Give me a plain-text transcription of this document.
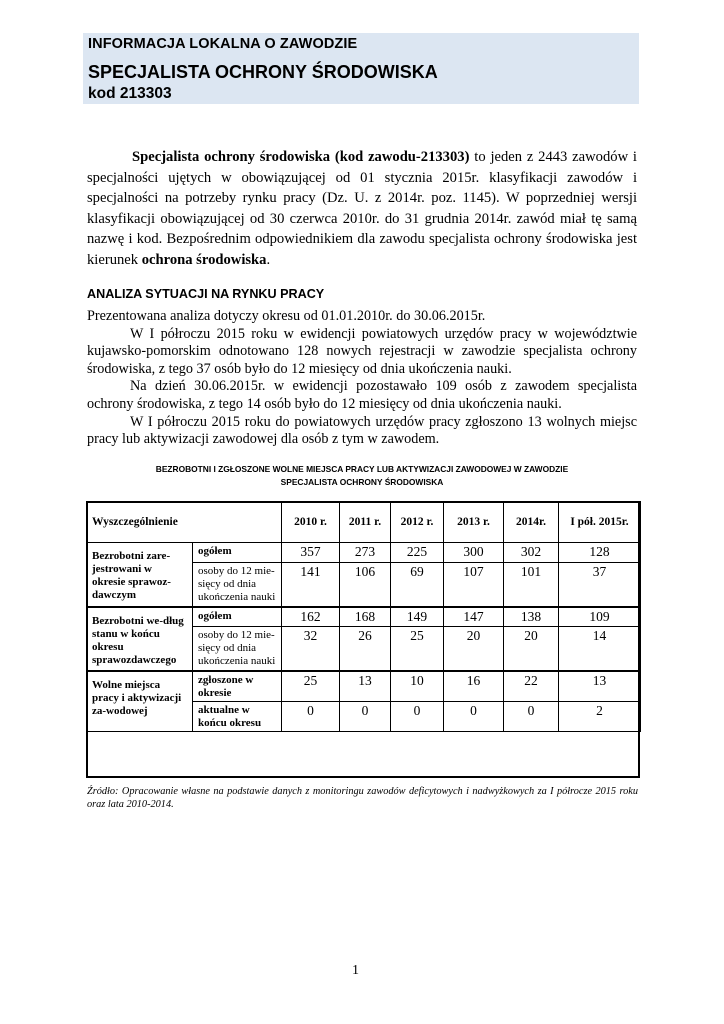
INFORMACJA LOKALNA O ZAWODZIE
SPECJALISTA OCHRONY ŚRODOWISKA
kod 213303

Specjalista ochrony środowiska (kod zawodu-213303) to jeden z 2443 zawodów i specjalności ujętych w obowiązującej od 01 stycznia 2015r. klasyfikacji zawodów i specjalności na potrzeby rynku pracy (Dz. U. z 2014r. poz. 1145). W poprzedniej wersji klasyfikacji obowiązującej od 30 czerwca 2010r. do 31 grudnia 2014r. zawód miał tę samą nazwę i kod. Bezpośrednim odpowiednikiem dla zawodu specjalista ochrony środowiska jest kierunek ochrona środowiska.

ANALIZA SYTUACJI NA RYNKU PRACY

Prezentowana analiza dotyczy okresu od 01.01.2010r. do 30.06.2015r.

W I półroczu 2015 roku w ewidencji powiatowych urzędów pracy w województwie kujawsko-pomorskim odnotowano 128 nowych rejestracji w zawodzie specjalista ochrony środowiska, z tego 37 osób było do 12 miesięcy od dnia ukończenia nauki.

Na dzień 30.06.2015r. w ewidencji pozostawało 109 osób z zawodem specjalista ochrony środowiska, z tego 14 osób było do 12 miesięcy od dnia ukończenia nauki.

W I półroczu 2015 roku do powiatowych urzędów pracy zgłoszono 13 wolnych miejsc pracy lub aktywizacji zawodowej dla osób z tym w zawodem.

BEZROBOTNI I ZGŁOSZONE WOLNE MIEJSCA PRACY LUB AKTYWIZACJI ZAWODOWEJ W ZAWODZIE
SPECJALISTA OCHRONY ŚRODOWISKA
Wyszczególnienie		2010 r.	2011 r.	2012 r.	2013 r.	2014r.	I pół. 2015r.
Bezrobotni zare-jestrowani w okresie sprawoz-dawczym	ogółem	357	273	225	300	302	128
	osoby do 12 mie-sięcy od dnia ukończenia nauki	141	106	69	107	101	37
Bezrobotni we-dług stanu w końcu okresu sprawozdawczego	ogółem	162	168	149	147	138	109
	osoby do 12 mie-sięcy od dnia ukończenia nauki	32	26	25	20	20	14
Wolne miejsca pracy i aktywizacji za-wodowej	zgłoszone w okresie	25	13	10	16	22	13
	aktualne w końcu okresu	0	0	0	0	0	2
Źródło: Opracowanie własne na podstawie danych z monitoringu zawodów deficytowych i nadwyżkowych za I półrocze 2015 roku oraz lata 2010-2014.
1
